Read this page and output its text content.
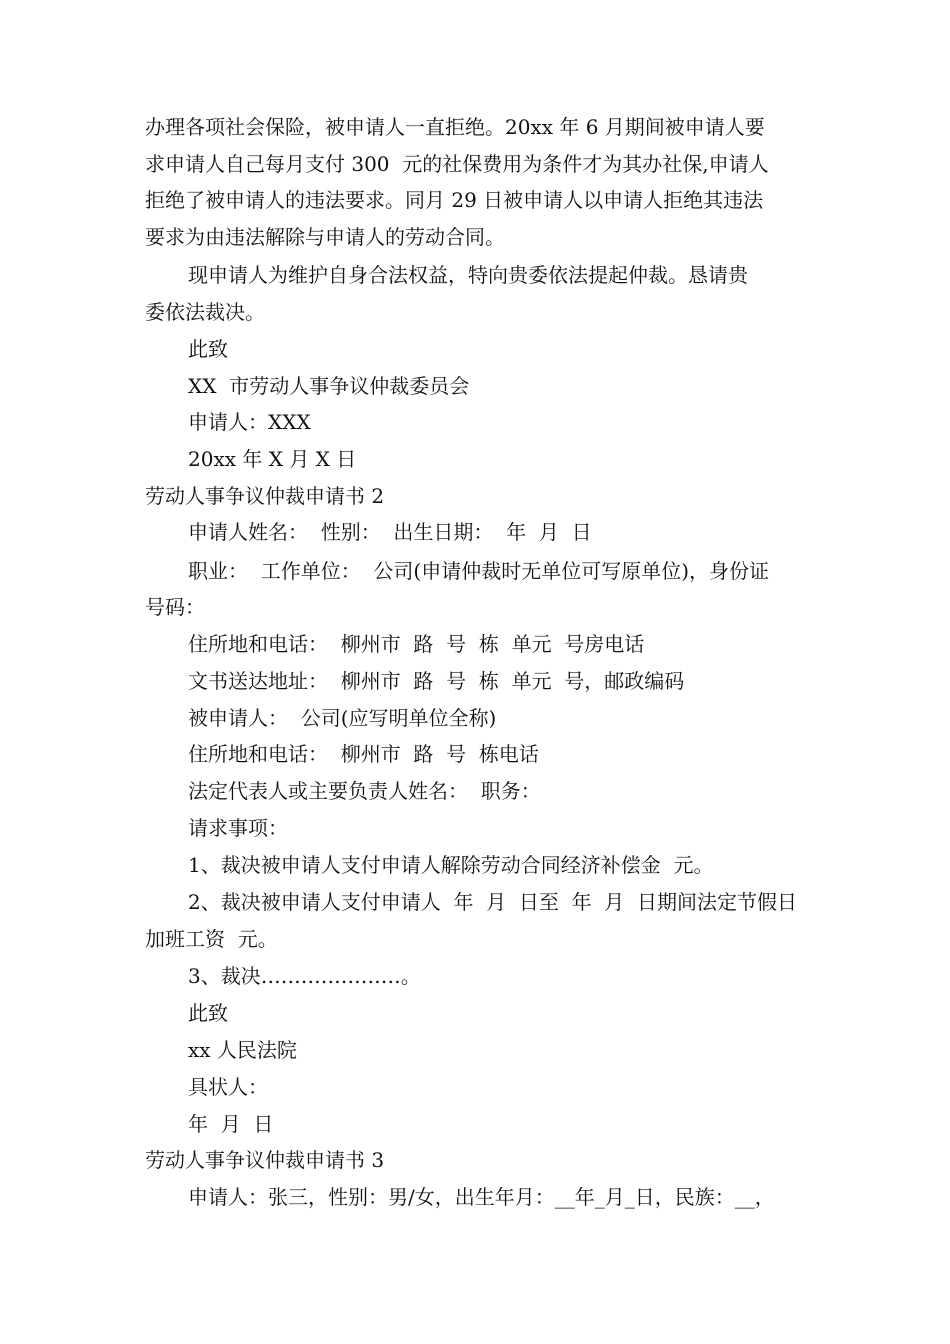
办理各项社会保险，被申请人一直拒绝。20xx 年 6 月期间被申请人要
求申请人自己每月支付 300  元的社保费用为条件才为其办社保,申请人
拒绝了被申请人的违法要求。同月 29 日被申请人以申请人拒绝其违法
要求为由违法解除与申请人的劳动合同。
现申请人为维护自身合法权益，特向贵委依法提起仲裁。恳请贵
委依法裁决。
此致
XX  市劳动人事争议仲裁委员会
申请人：XXX
20xx 年 X 月 X 日
劳动人事争议仲裁申请书 2
申请人姓名：  性别：  出生日期：  年  月  日
职业：  工作单位：  公司(申请仲裁时无单位可写原单位)，身份证
号码：
住所地和电话：  柳州市  路  号  栋  单元  号房电话
文书送达地址：  柳州市  路  号  栋  单元  号，邮政编码
被申请人：  公司(应写明单位全称)
住所地和电话：  柳州市  路  号  栋电话
法定代表人或主要负责人姓名：  职务：
请求事项：
1、裁决被申请人支付申请人解除劳动合同经济补偿金  元。
2、裁决被申请人支付申请人  年  月  日至  年  月  日期间法定节假日
加班工资  元。
3、裁决…………………。
此致
xx 人民法院
具状人：
年  月  日
劳动人事争议仲裁申请书 3
申请人：张三，性别：男/女，出生年月：__年_月_日，民族：__，
